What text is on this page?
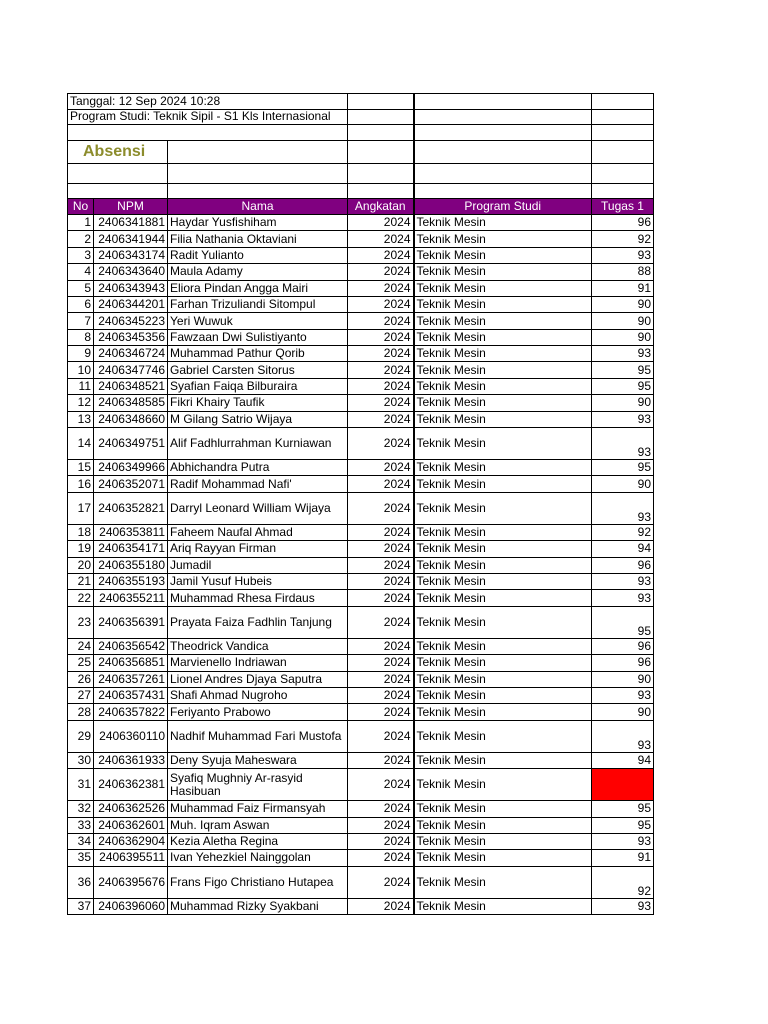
Tanggal: 12 Sep 2024 10:28					
Program Studi: Teknik Sipil - S1 Kls Internasional					

Absensi					

No	NPM	Nama	Angkatan	Program Studi	Tugas 1
1	2406341881	Haydar Yusfishiham	2024	Teknik Mesin	96
2	2406341944	Filia Nathania Oktaviani	2024	Teknik Mesin	92
3	2406343174	Radit Yulianto	2024	Teknik Mesin	93
4	2406343640	Maula Adamy	2024	Teknik Mesin	88
5	2406343943	Eliora Pindan Angga Mairi	2024	Teknik Mesin	91
6	2406344201	Farhan Trizuliandi Sitompul	2024	Teknik Mesin	90
7	2406345223	Yeri Wuwuk	2024	Teknik Mesin	90
8	2406345356	Fawzaan Dwi Sulistiyanto	2024	Teknik Mesin	90
9	2406346724	Muhammad Pathur Qorib	2024	Teknik Mesin	93
10	2406347746	Gabriel Carsten Sitorus	2024	Teknik Mesin	95
11	2406348521	Syafian Faiqa Bilburaira	2024	Teknik Mesin	95
12	2406348585	Fikri Khairy Taufik	2024	Teknik Mesin	90
13	2406348660	M Gilang Satrio Wijaya	2024	Teknik Mesin	93
14	2406349751	Alif Fadhlurrahman Kurniawan	2024	Teknik Mesin	93
15	2406349966	Abhichandra Putra	2024	Teknik Mesin	95
16	2406352071	Radif Mohammad Nafi'	2024	Teknik Mesin	90
17	2406352821	Darryl Leonard William Wijaya	2024	Teknik Mesin	93
18	2406353811	Faheem Naufal Ahmad	2024	Teknik Mesin	92
19	2406354171	Ariq Rayyan Firman	2024	Teknik Mesin	94
20	2406355180	Jumadil	2024	Teknik Mesin	96
21	2406355193	Jamil Yusuf Hubeis	2024	Teknik Mesin	93
22	2406355211	Muhammad Rhesa Firdaus	2024	Teknik Mesin	93
23	2406356391	Prayata Faiza Fadhlin Tanjung	2024	Teknik Mesin	95
24	2406356542	Theodrick Vandica	2024	Teknik Mesin	96
25	2406356851	Marvienello Indriawan	2024	Teknik Mesin	96
26	2406357261	Lionel Andres Djaya Saputra	2024	Teknik Mesin	90
27	2406357431	Shafi Ahmad Nugroho	2024	Teknik Mesin	93
28	2406357822	Feriyanto Prabowo	2024	Teknik Mesin	90
29	2406360110	Nadhif Muhammad Fari Mustofa	2024	Teknik Mesin	93
30	2406361933	Deny Syuja Maheswara	2024	Teknik Mesin	94
31	2406362381	Syafiq Mughniy Ar-rasyid Hasibuan	2024	Teknik Mesin	
32	2406362526	Muhammad Faiz Firmansyah	2024	Teknik Mesin	95
33	2406362601	Muh. Iqram Aswan	2024	Teknik Mesin	95
34	2406362904	Kezia Aletha Regina	2024	Teknik Mesin	93
35	2406395511	Ivan Yehezkiel Nainggolan	2024	Teknik Mesin	91
36	2406395676	Frans Figo Christiano Hutapea	2024	Teknik Mesin	92
37	2406396060	Muhammad Rizky Syakbani	2024	Teknik Mesin	93
